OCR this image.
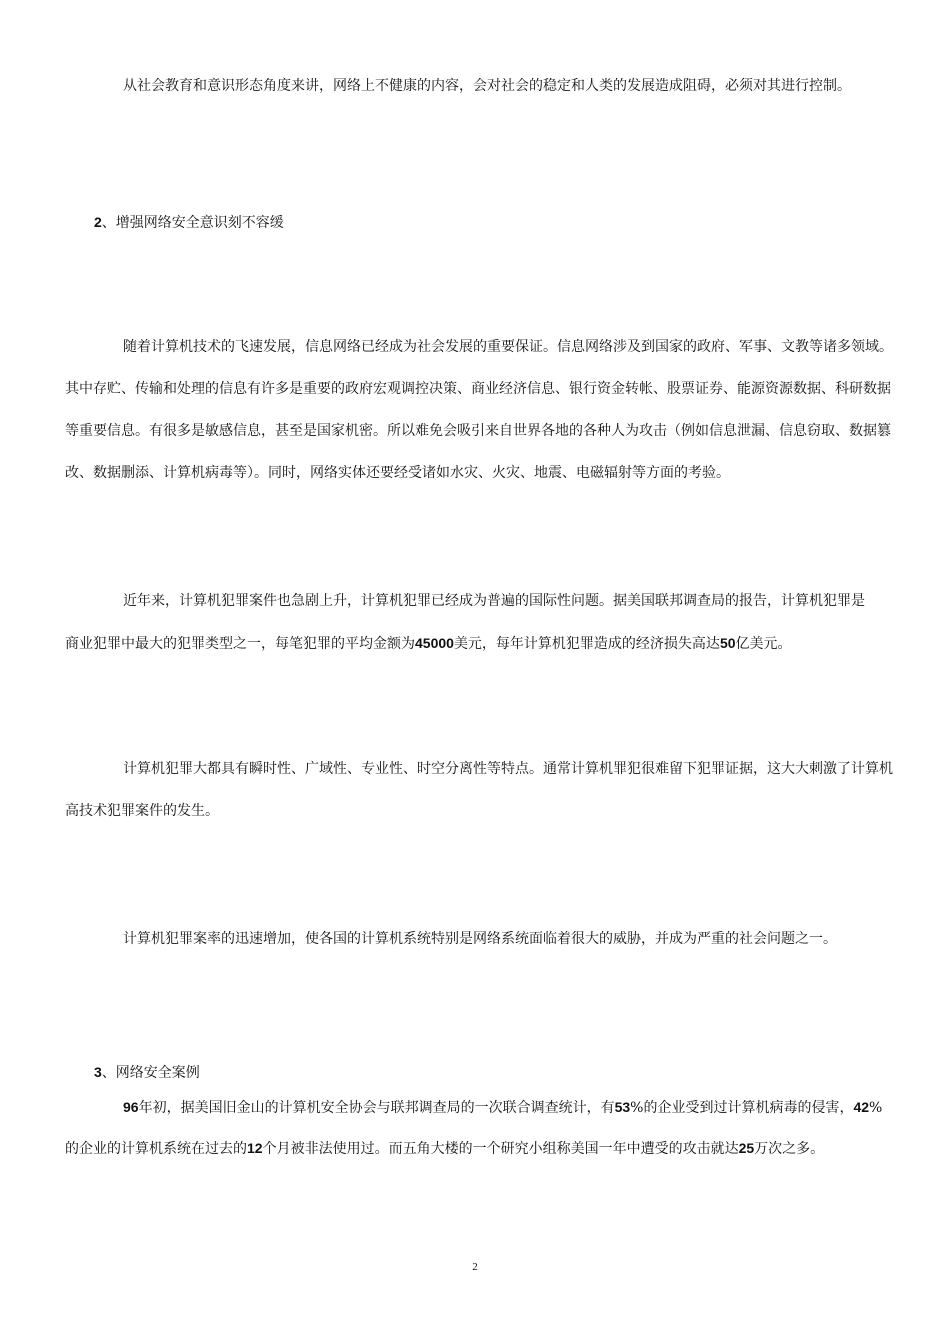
从社会教育和意识形态角度来讲，网络上不健康的内容，会对社会的稳定和人类的发展造成阻碍，必须对其进行控制。
2、增强网络安全意识刻不容缓
随着计算机技术的飞速发展，信息网络已经成为社会发展的重要保证。信息网络涉及到国家的政府、军事、文教等诸多领域。
其中存贮、传输和处理的信息有许多是重要的政府宏观调控决策、商业经济信息、银行资金转帐、股票证券、能源资源数据、科研数据
等重要信息。有很多是敏感信息，甚至是国家机密。所以难免会吸引来自世界各地的各种人为攻击（例如信息泄漏、信息窃取、数据篡
改、数据删添、计算机病毒等）。同时，网络实体还要经受诸如水灾、火灾、地震、电磁辐射等方面的考验。
近年来，计算机犯罪案件也急剧上升，计算机犯罪已经成为普遍的国际性问题。据美国联邦调查局的报告，计算机犯罪是
商业犯罪中最大的犯罪类型之一，每笔犯罪的平均金额为45000美元，每年计算机犯罪造成的经济损失高达50亿美元。
计算机犯罪大都具有瞬时性、广域性、专业性、时空分离性等特点。通常计算机罪犯很难留下犯罪证据，这大大刺激了计算机
高技术犯罪案件的发生。
计算机犯罪案率的迅速增加，使各国的计算机系统特别是网络系统面临着很大的威胁，并成为严重的社会问题之一。
3、网络安全案例
96年初，据美国旧金山的计算机安全协会与联邦调查局的一次联合调查统计，有53%的企业受到过计算机病毒的侵害，42%
的企业的计算机系统在过去的12个月被非法使用过。而五角大楼的一个研究小组称美国一年中遭受的攻击就达25万次之多。
2
